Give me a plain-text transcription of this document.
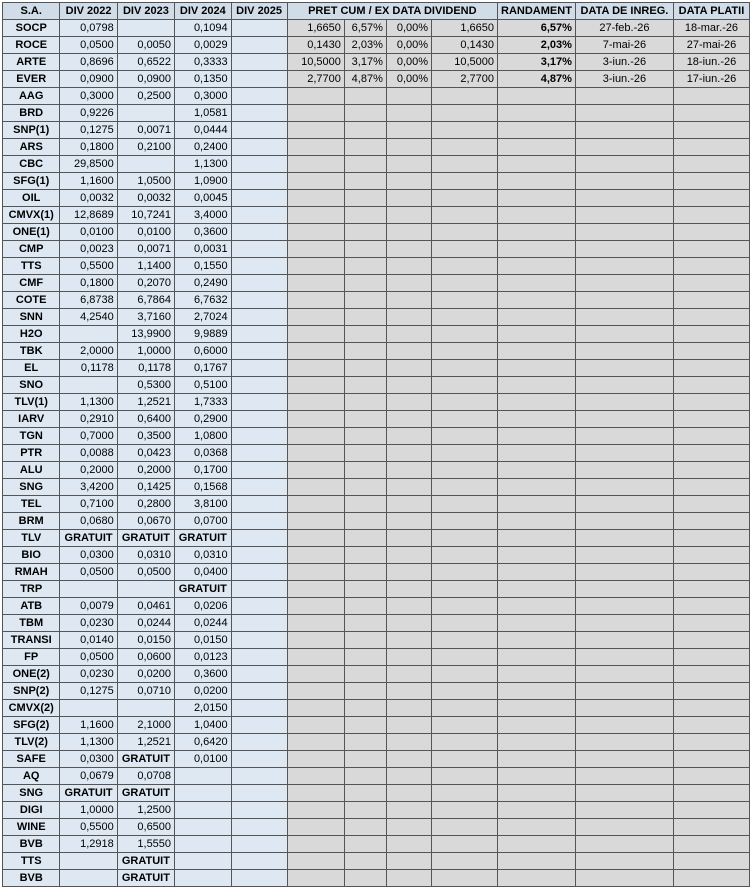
S.A.	DIV 2022	DIV 2023	DIV 2024	DIV 2025	PRET CUM / EX DATA DIVIDEND				RANDAMENT	DATA DE INREG.	DATA PLATII
SOCP	0,0798		0,1094		1,6650	6,57%	0,00%	1,6650	6,57%	27-feb.-26	18-mar.-26
ROCE	0,0500	0,0050	0,0029		0,1430	2,03%	0,00%	0,1430	2,03%	7-mai-26	27-mai-26
ARTE	0,8696	0,6522	0,3333		10,5000	3,17%	0,00%	10,5000	3,17%	3-iun.-26	18-iun.-26
EVER	0,0900	0,0900	0,1350		2,7700	4,87%	0,00%	2,7700	4,87%	3-iun.-26	17-iun.-26
AAG	0,3000	0,2500	0,3000								
BRD	0,9226		1,0581								
SNP(1)	0,1275	0,0071	0,0444								
ARS	0,1800	0,2100	0,2400								
CBC	29,8500		1,1300								
SFG(1)	1,1600	1,0500	1,0900								
OIL	0,0032	0,0032	0,0045								
CMVX(1)	12,8689	10,7241	3,4000								
ONE(1)	0,0100	0,0100	0,3600								
CMP	0,0023	0,0071	0,0031								
TTS	0,5500	1,1400	0,1550								
CMF	0,1800	0,2070	0,2490								
COTE	6,8738	6,7864	6,7632								
SNN	4,2540	3,7160	2,7024								
H2O		13,9900	9,9889								
TBK	2,0000	1,0000	0,6000								
EL	0,1178	0,1178	0,1767								
SNO		0,5300	0,5100								
TLV(1)	1,1300	1,2521	1,7333								
IARV	0,2910	0,6400	0,2900								
TGN	0,7000	0,3500	1,0800								
PTR	0,0088	0,0423	0,0368								
ALU	0,2000	0,2000	0,1700								
SNG	3,4200	0,1425	0,1568								
TEL	0,7100	0,2800	3,8100								
BRM	0,0680	0,0670	0,0700								
TLV	GRATUIT	GRATUIT	GRATUIT								
BIO	0,0300	0,0310	0,0310								
RMAH	0,0500	0,0500	0,0400								
TRP			GRATUIT								
ATB	0,0079	0,0461	0,0206								
TBM	0,0230	0,0244	0,0244								
TRANSI	0,0140	0,0150	0,0150								
FP	0,0500	0,0600	0,0123								
ONE(2)	0,0230	0,0200	0,3600								
SNP(2)	0,1275	0,0710	0,0200								
CMVX(2)			2,0150								
SFG(2)	1,1600	2,1000	1,0400								
TLV(2)	1,1300	1,2521	0,6420								
SAFE	0,0300	GRATUIT	0,0100								
AQ	0,0679	0,0708									
SNG	GRATUIT	GRATUIT									
DIGI	1,0000	1,2500									
WINE	0,5500	0,6500									
BVB	1,2918	1,5550									
TTS		GRATUIT									
BVB		GRATUIT									
